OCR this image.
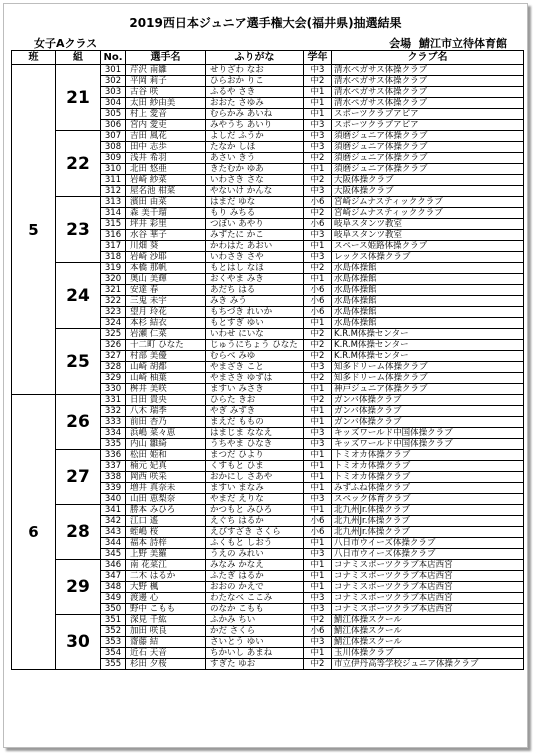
2019西日本ジュニア選手権大会(福井県)抽選結果
女子Aクラス	会場 鯖江市立待体育館
班	組	No.	選手名	ふりがな	学年	クラブ名
5	21	301	芹沢 南雛	せりざわ なお	中3	清水ペガサス体操クラブ
		302	平岡 莉子	ひらおか りこ	中2	清水ペガサス体操クラブ
		303	古谷 咲	ふるや さき	中1	清水ペガサス体操クラブ
		304	太田 紗由美	おおた さゆみ	中1	清水ペガサス体操クラブ
		305	村上 愛音	むらかみ あいね	中1	スポーツクラブアピア
		306	宮内 愛吏	みやうち あいり	中3	スポーツクラブアピア
	22	307	吉田 風花	よしだ ふうか	中3	須磨ジュニア体操クラブ
		308	田中 志歩	たなか しほ	中3	須磨ジュニア体操クラブ
		309	浅井 希羽	あさい きう	中2	須磨ジュニア体操クラブ
		310	北田 悠亜	きたむか ゆあ	中1	須磨ジュニア体操クラブ
		311	岩崎 紗菜	いわさき さな	中2	大阪体操クラブ
		312	屋名池 柑菜	やないけ かんな	中3	大阪体操クラブ
	23	313	濱田 由菜	はまだ ゆな	小6	宮崎ジムナスティッククラブ
		314	森 美千瑠	もり みちる	中2	宮崎ジムナスティッククラブ
		315	坪井 彩里	つぼい あやり	小6	岐阜スタンツ教室
		316	水谷 華子	みずたに かこ	中3	岐阜スタンツ教室
		317	川畑 葵	かわはた あおい	中1	スペース姫路体操クラブ
		318	岩崎 沙耶	いわさき さや	中3	レックス体操クラブ
	24	319	本橋 那帆	もとはし なほ	中2	水島体操館
		320	奥山 美輝	おくやま みき	中1	水島体操館
		321	安達 春	あだち はる	小6	水島体操館
		322	三鬼 未宇	みき みう	小6	水島体操館
		323	望月 玲花	もちづき れいか	小6	水島体操館
		324	本杉 結衣	もとすぎ ゆい	中1	水島体操館
	25	325	岩瀬 仁菜	いわせ にいな	中2	K.R.M体操センター
		326	十二町 ひなた	じゅうにちょう ひなた	中2	K.R.M体操センター
		327	村部 美優	むらべ みゆ	中2	K.R.M体操センター
		328	山崎 胡都	やまざき こと	中3	知多ドリーム体操クラブ
		329	山崎 柚葉	やまさき ゆずは	中2	知多ドリーム体操クラブ
		330	桝井 美咲	ますい みさき	中1	神戸ジュニア体操クラブ
6	26	331	日田 貴央	ひらた きお	中2	ガンバ体操クラブ
		332	八木 瑞季	やぎ みずき	中1	ガンバ体操クラブ
		333	前田 杏乃	まえだ ももの	中1	ガンバ体操クラブ
		334	浜嶋 菜々恵	はまじま ななえ	中3	キッズワールド中国体操クラブ
		335	内山 雛綺	うちやま ひなき	中3	キッズワールド中国体操クラブ
	27	336	松田 姫和	まつだ ひより	中1	トミオカ体操クラブ
		337	楠元 妃真	くすもと ひま	中1	トミオカ体操クラブ
		338	岡西 咲采	おかにし さあや	中1	トミオカ体操クラブ
		339	増井 真奈未	ますい まなみ	中1	みずふね体操クラブ
		340	山田 恵梨奈	やまだ えりな	中3	スペック体育クラブ
	28	341	勝本 みひろ	かつもと みひろ	中1	北九州Jr.体操クラブ
		342	江口 遙	えぐち はるか	小6	北九州Jr.体操クラブ
		343	蛭嶋 桜	えびすざき さくら	小6	北九州Jr.体操クラブ
		344	福本 詩梓	ふくもと しおう	中1	八日市ウイーズ体操クラブ
		345	上野 美羅	うえの みれい	中3	八日市ウイーズ体操クラブ
	29	346	南 花菜江	みなみ かなえ	中1	コナミスポーツクラブ本店西宮
		347	二木 はるか	ふたぎ はるか	中1	コナミスポーツクラブ本店西宮
		348	大野 楓	おおの かえで	中1	コナミスポーツクラブ本店西宮
		349	渡邊 心	わたなべ ここみ	中3	コナミスポーツクラブ本店西宮
		350	野中 こもも	のなか こもも	中3	コナミスポーツクラブ本店西宮
	30	351	深見 千紘	ふかみ ちい	中2	鯖江体操スクール
		352	加田 咲良	かだ さくら	小6	鯖江体操スクール
		353	齋藤 結	さいとう ゆい	中3	鯖江体操スクール
		354	近石 天音	ちかいし あまね	中1	玉川体操クラブ
		355	杉田 夕桜	すぎた ゆお	中2	市立伊丹高等学校ジュニア体操クラブ
